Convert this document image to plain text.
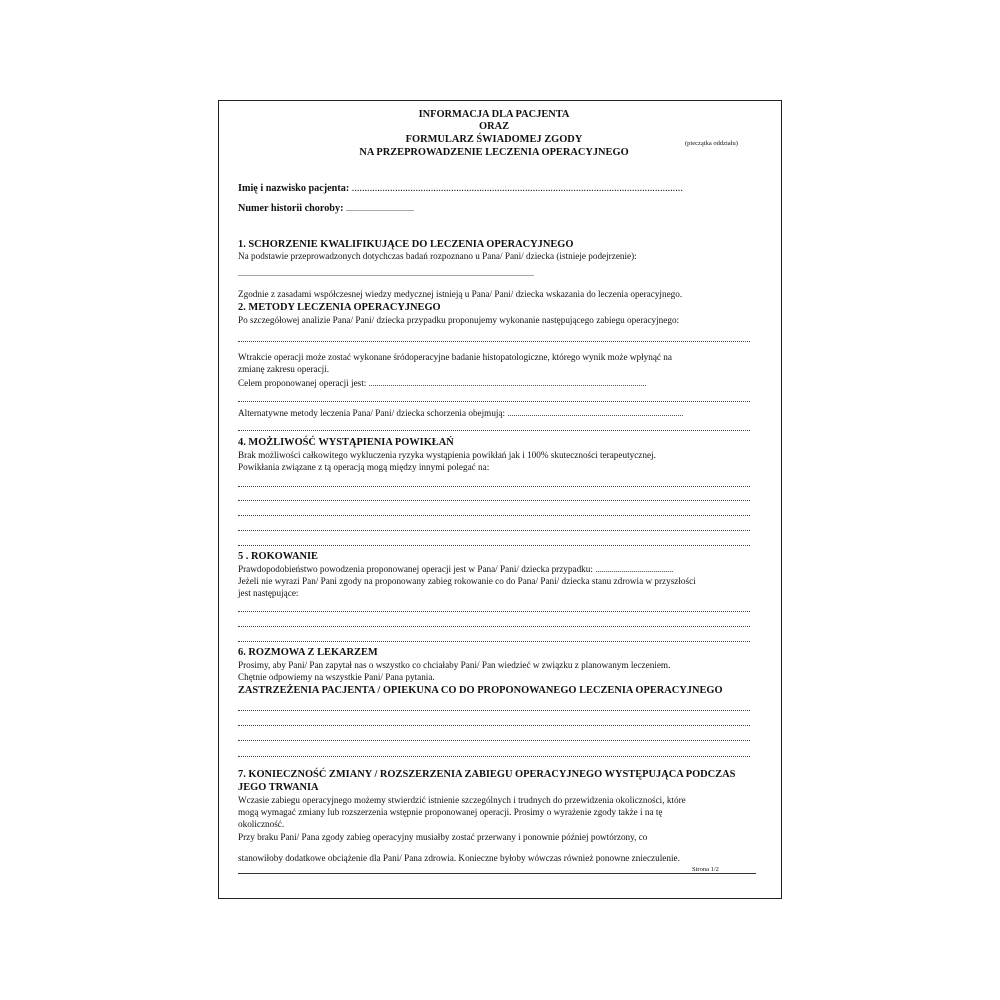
INFORMACJA DLA PACJENTA
ORAZ
FORMULARZ ŚWIADOMEJ ZGODY
NA PRZEPROWADZENIE LECZENIA OPERACYJNEGO
(pieczątka oddziału)
Imię i nazwisko pacjenta: ..................................................................................................................................
Numer historii choroby: ..................................
1. SCHORZENIE KWALIFIKUJĄCE DO LECZENIA OPERACYJNEGO
Na podstawie przeprowadzonych dotychczas badań rozpoznano u Pana/ Pani/ dziecka (istnieje podejrzenie):
....................................................................................................................................................
Zgodnie z zasadami współczesnej wiedzy medycznej istnieją u Pana/ Pani/ dziecka wskazania do leczenia operacyjnego.
2. METODY LECZENIA OPERACYJNEGO
Po szczegółowej analizie Pana/ Pani/ dziecka przypadku proponujemy wykonanie następującego zabiegu operacyjnego:
Wtrakcie operacji może zostać wykonane śródoperacyjne badanie histopatologiczne, którego wynik może wpłynąć na
zmianę zakresu operacji.
Celem proponowanej operacji jest: ...........................................................................................................................................
Alternatywne metody leczenia Pana/ Pani/ dziecka schorzenia obejmują: ........................................................................................
4. MOŻLIWOŚĆ WYSTĄPIENIA POWIKŁAŃ
Brak możliwości całkowitego wykluczenia ryzyka wystąpienia powikłań jak i 100% skuteczności terapeutycznej.
Powikłania związane z tą operacją mogą między innymi polegać na:
5 . ROKOWANIE
Prawdopodobieństwo powodzenia proponowanej operacji jest w Pana/ Pani/ dziecka przypadku: .......................................
Jeżeli nie wyrazi Pan/ Pani zgody na proponowany zabieg rokowanie co do Pana/ Pani/ dziecka stanu zdrowia w przyszłości
jest następujące:
6. ROZMOWA Z LEKARZEM
Prosimy, aby Pani/ Pan zapytał nas o wszystko co chciałaby Pani/ Pan wiedzieć w związku z planowanym leczeniem.
Chętnie odpowiemy na wszystkie Pani/ Pana pytania.
ZASTRZEŻENIA PACJENTA / OPIEKUNA CO DO PROPONOWANEGO LECZENIA OPERACYJNEGO
7. KONIECZNOŚĆ ZMIANY / ROZSZERZENIA ZABIEGU OPERACYJNEGO WYSTĘPUJĄCA PODCZAS
JEGO TRWANIA
Wczasie zabiegu operacyjnego możemy stwierdzić istnienie szczególnych i trudnych do przewidzenia okoliczności, które
mogą wymagać zmiany lub rozszerzenia wstępnie proponowanej operacji. Prosimy o wyrażenie zgody także i na tę
okoliczność.
Przy braku Pani/ Pana zgody zabieg operacyjny musiałby zostać przerwany i ponownie później powtórzony, co
stanowiłoby dodatkowe obciążenie dla Pani/ Pana zdrowia. Konieczne byłoby wówczas również ponowne znieczulenie.
Strona 1/2
